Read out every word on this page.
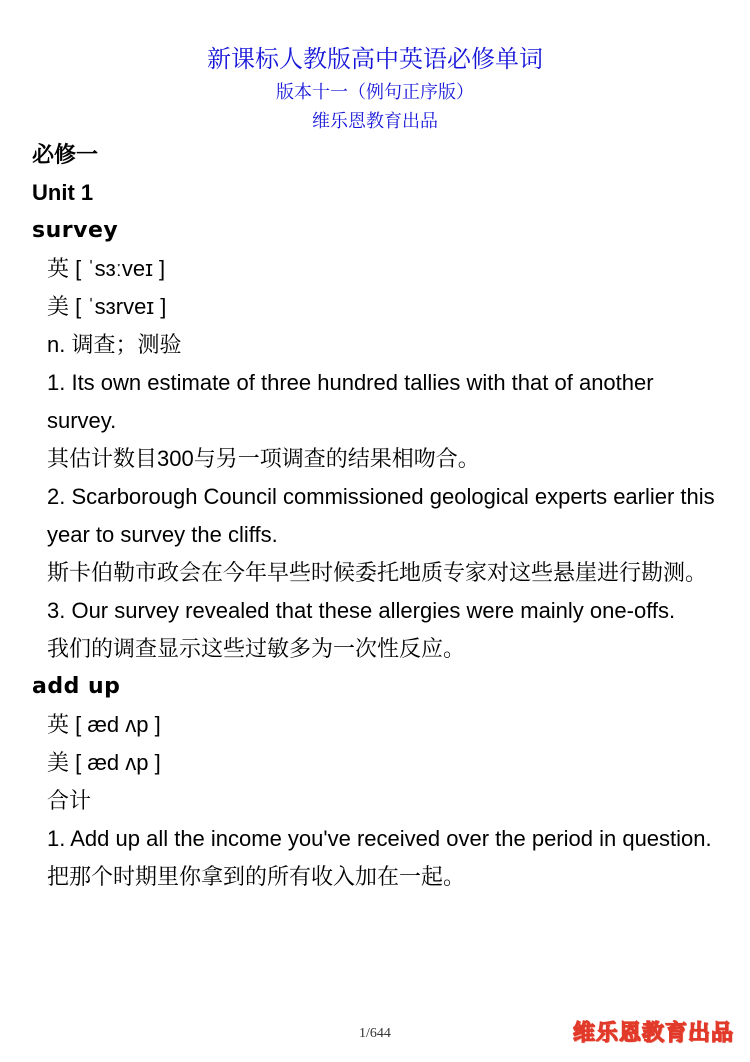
新课标人教版高中英语必修单词
版本十一（例句正序版）
维乐恩教育出品

必修一

Unit 1

survey

英 [ ˈsɜːveɪ ]

美 [ ˈsɜrveɪ ]

n. 调查；测验

1. Its own estimate of three hundred tallies with that of another survey.

其估计数目300与另一项调查的结果相吻合。

2. Scarborough Council commissioned geological experts earlier this year to survey the cliffs.

斯卡伯勒市政会在今年早些时候委托地质专家对这些悬崖进行勘测。

3. Our survey revealed that these allergies were mainly one-offs.

我们的调查显示这些过敏多为一次性反应。

add up

英 [ æd ʌp ]

美 [ æd ʌp ]

合计

1. Add up all the income you've received over the period in question.

把那个时期里你拿到的所有收入加在一起。

1/644	维乐恩教育出品
